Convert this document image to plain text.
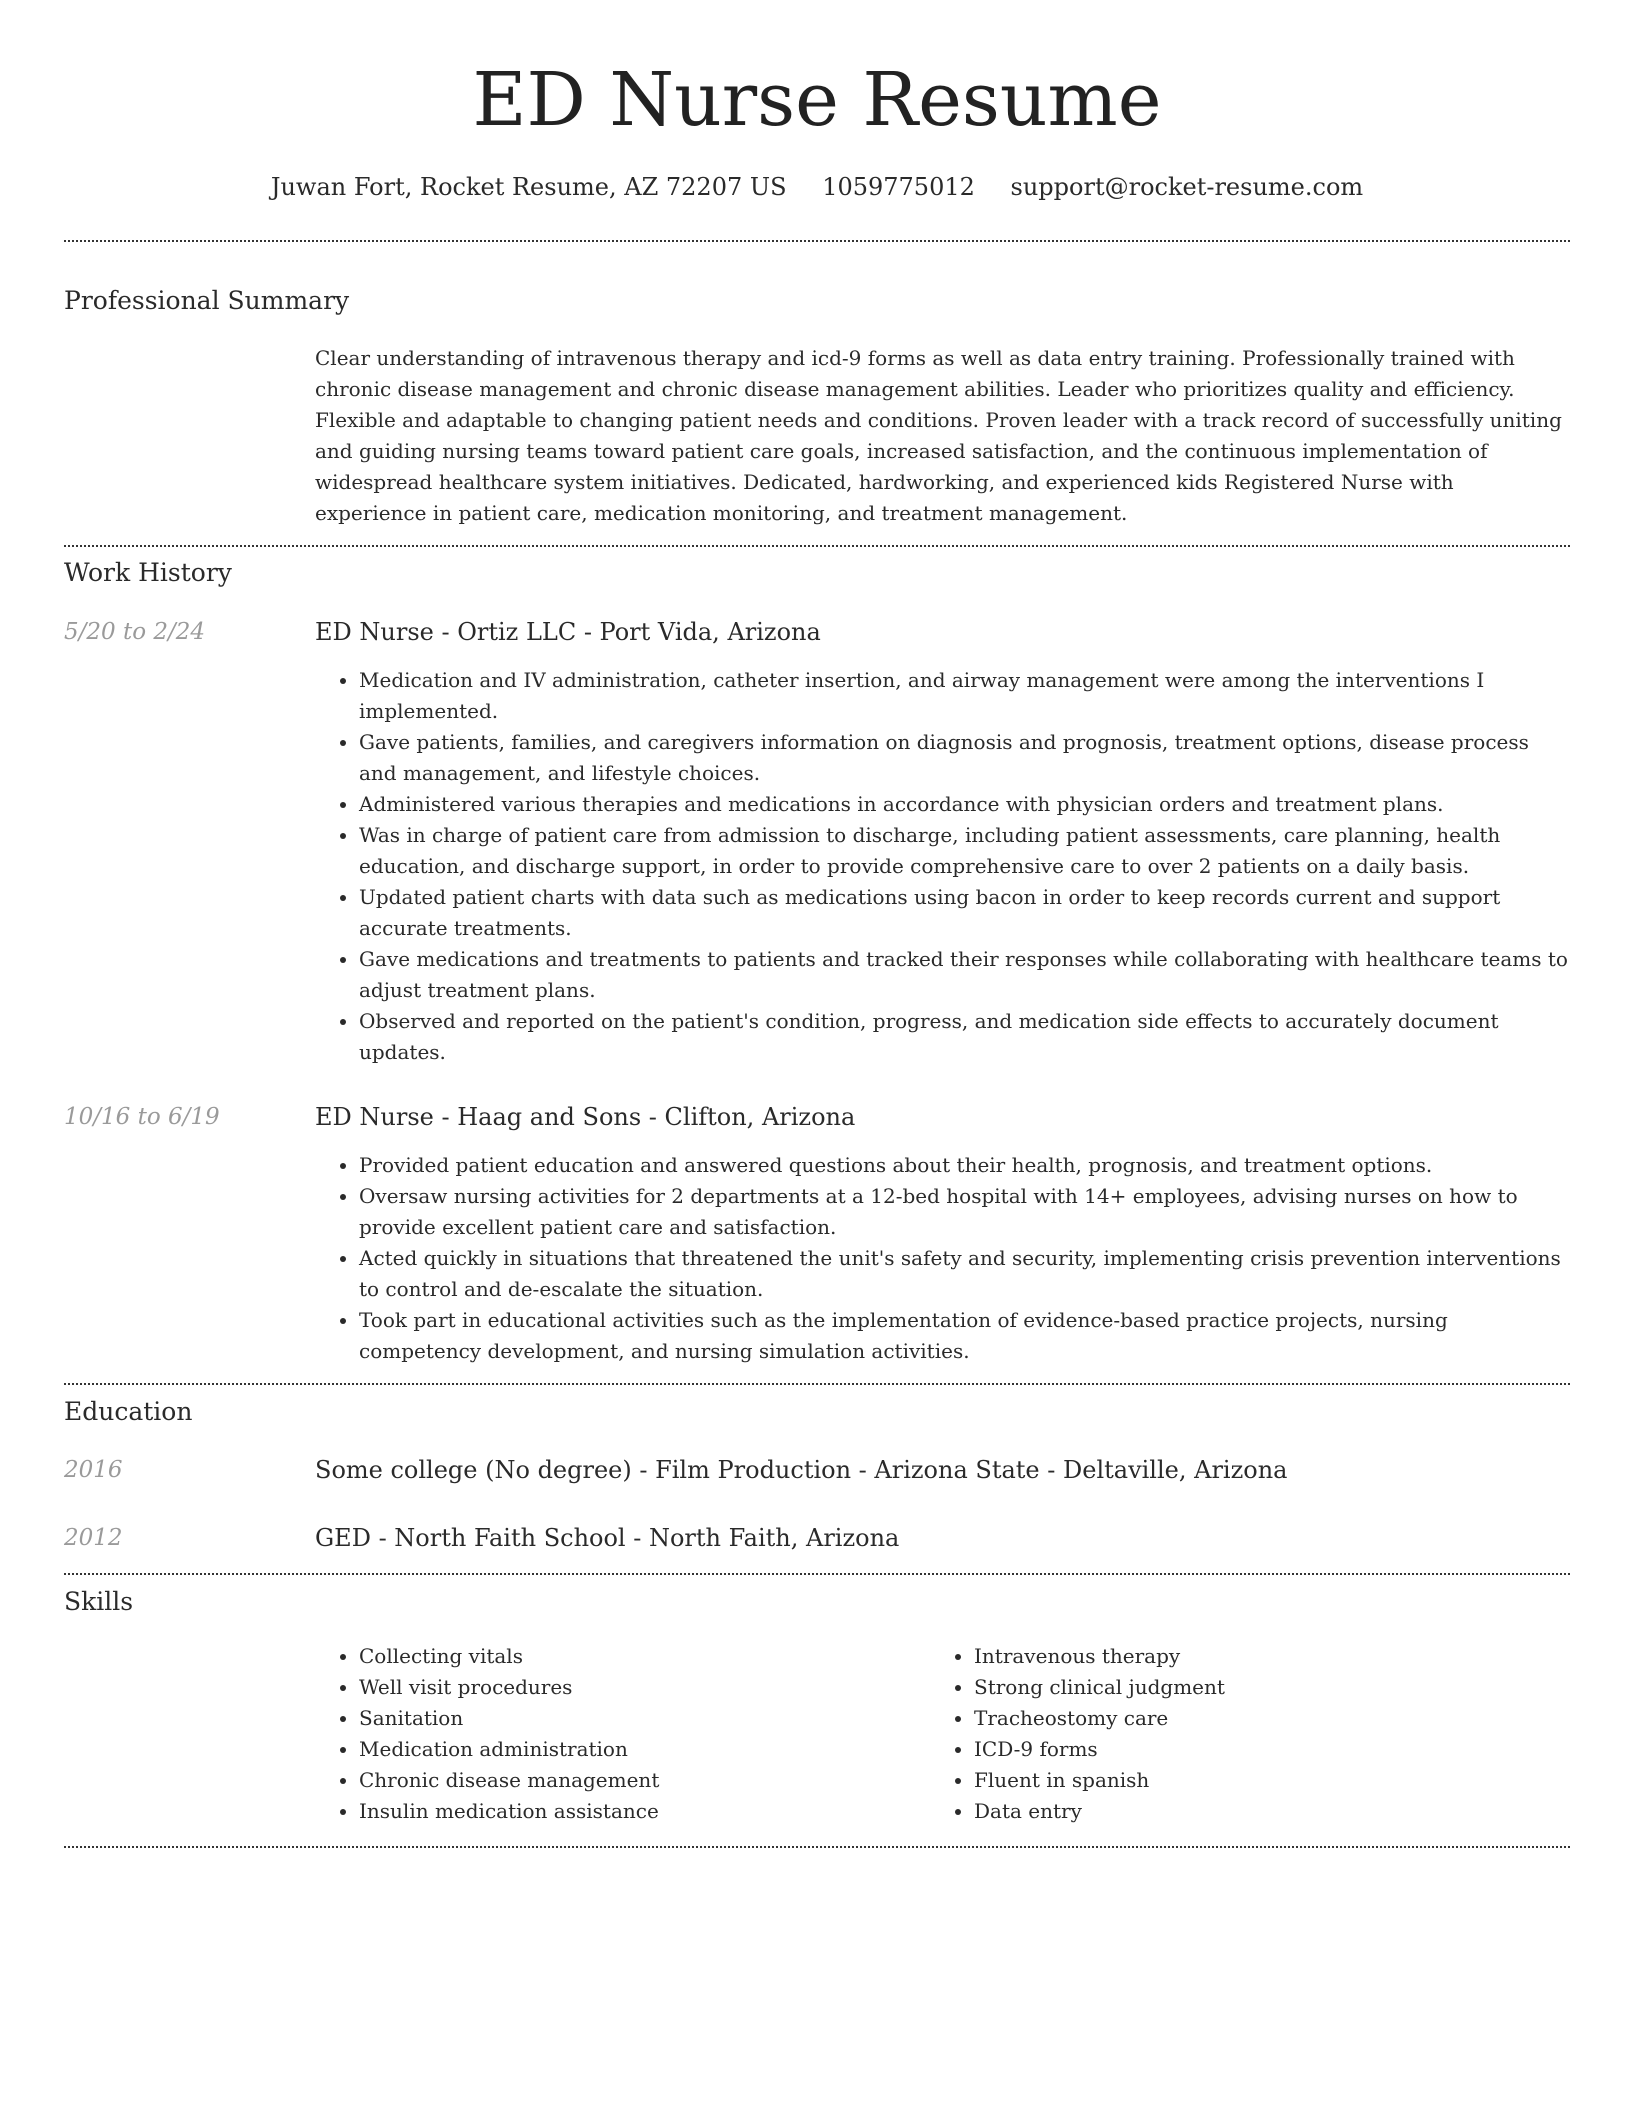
ED Nurse Resume
Juwan Fort, Rocket Resume, AZ 72207 US 1059775012 support@rocket-resume.com
Professional Summary

Clear understanding of intravenous therapy and icd-9 forms as well as data entry training. Professionally trained with chronic disease management and chronic disease management abilities. Leader who prioritizes quality and efficiency. Flexible and adaptable to changing patient needs and conditions. Proven leader with a track record of successfully uniting and guiding nursing teams toward patient care goals, increased satisfaction, and the continuous implementation of widespread healthcare system initiatives. Dedicated, hardworking, and experienced kids Registered Nurse with experience in patient care, medication monitoring, and treatment management.

Work History
5/20 to 2/24	ED Nurse - Ortiz LLC - Port Vida, Arizona
• Medication and IV administration, catheter insertion, and airway management were among the interventions I implemented.
• Gave patients, families, and caregivers information on diagnosis and prognosis, treatment options, disease process and management, and lifestyle choices.
• Administered various therapies and medications in accordance with physician orders and treatment plans.
• Was in charge of patient care from admission to discharge, including patient assessments, care planning, health education, and discharge support, in order to provide comprehensive care to over 2 patients on a daily basis.
• Updated patient charts with data such as medications using bacon in order to keep records current and support accurate treatments.
• Gave medications and treatments to patients and tracked their responses while collaborating with healthcare teams to adjust treatment plans.
• Observed and reported on the patient's condition, progress, and medication side effects to accurately document updates.
10/16 to 6/19	ED Nurse - Haag and Sons - Clifton, Arizona
• Provided patient education and answered questions about their health, prognosis, and treatment options.
• Oversaw nursing activities for 2 departments at a 12-bed hospital with 14+ employees, advising nurses on how to provide excellent patient care and satisfaction.
• Acted quickly in situations that threatened the unit's safety and security, implementing crisis prevention interventions to control and de-escalate the situation.
• Took part in educational activities such as the implementation of evidence-based practice projects, nursing competency development, and nursing simulation activities.
Education
2016	Some college (No degree) - Film Production - Arizona State - Deltaville, Arizona
2012	GED - North Faith School - North Faith, Arizona
Skills
• Collecting vitals
• Well visit procedures
• Sanitation
• Medication administration
• Chronic disease management
• Insulin medication assistance
• Intravenous therapy
• Strong clinical judgment
• Tracheostomy care
• ICD-9 forms
• Fluent in spanish
• Data entry
